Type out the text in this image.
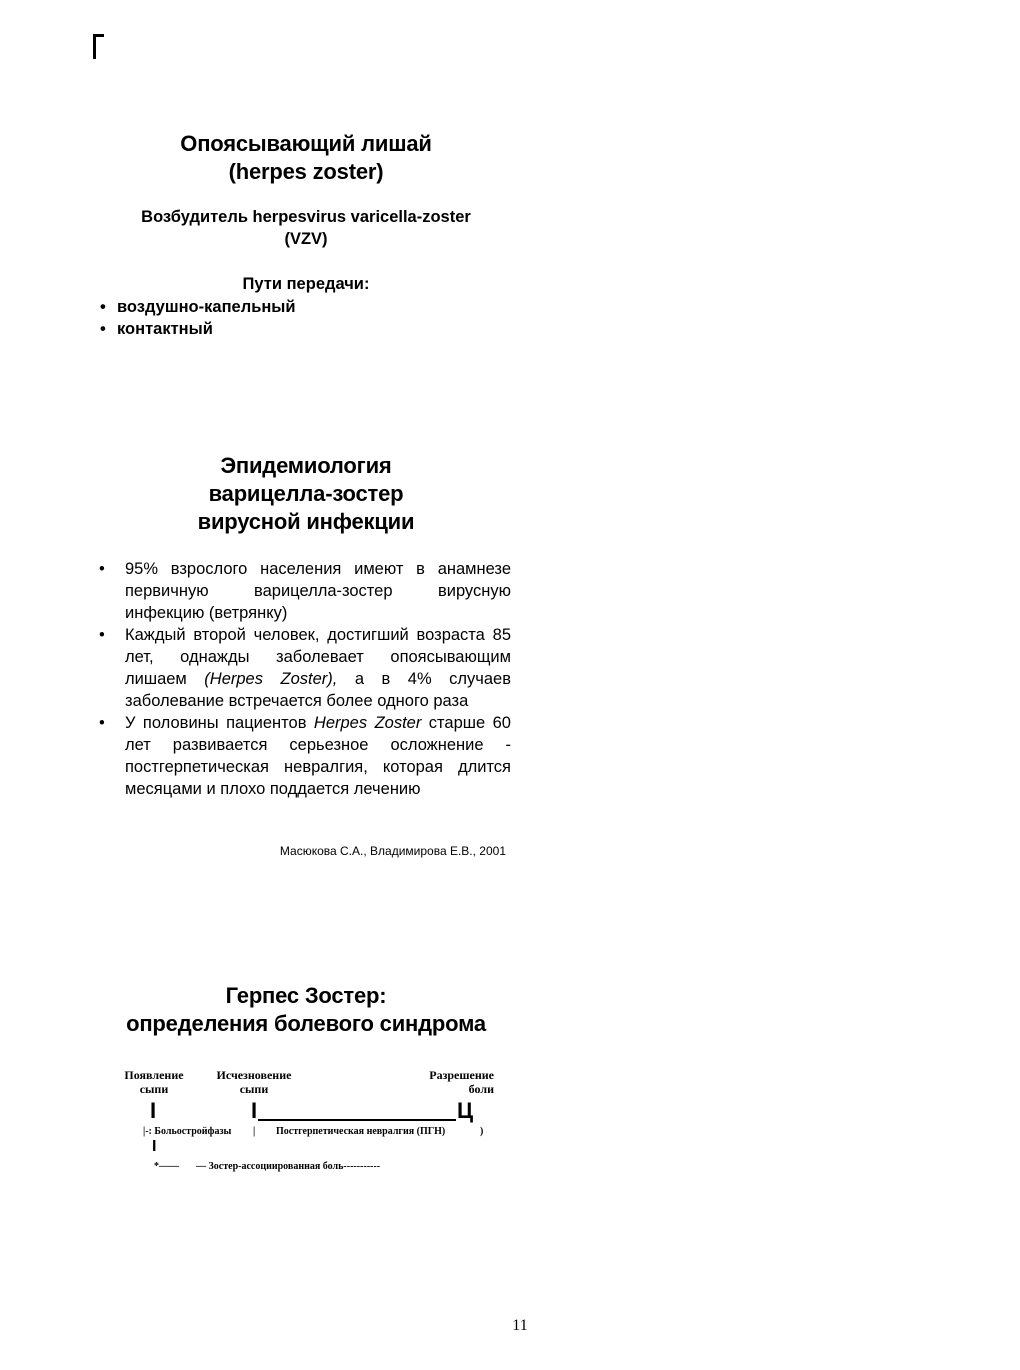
Опоясывающий лишай
(herpes zoster)
Возбудитель herpesvirus varicella-zoster
(VZV)
Пути передачи:
• воздушно-капельный
• контактный
Эпидемиология
варицелла-зостер
вирусной инфекции
• 95% взрослого населения имеют в анамнезе первичную варицелла-зостер вирусную инфекцию (ветрянку)
• Каждый второй человек, достигший возраста 85 лет, однажды заболевает опоясывающим лишаем (Herpes Zoster), а в 4% случаев заболевание встречается более одного раза
• У половины пациентов Herpes Zoster старше 60 лет развивается серьезное осложнение - постгерпетическая невралгия, которая длится месяцами и плохо поддается лечению
Масюкова С.А., Владимирова Е.В., 2001
Герпес Зостер:
определения болевого синдрома
Появление
сыпи
Исчезновение
сыпи
Разрешение
боли
I	I	Ц
|-: Больостройфазы | Постгерпетическая невралгия (ПГН)	)
I
*—— — Зостер-ассоциированная боль-----------
11
